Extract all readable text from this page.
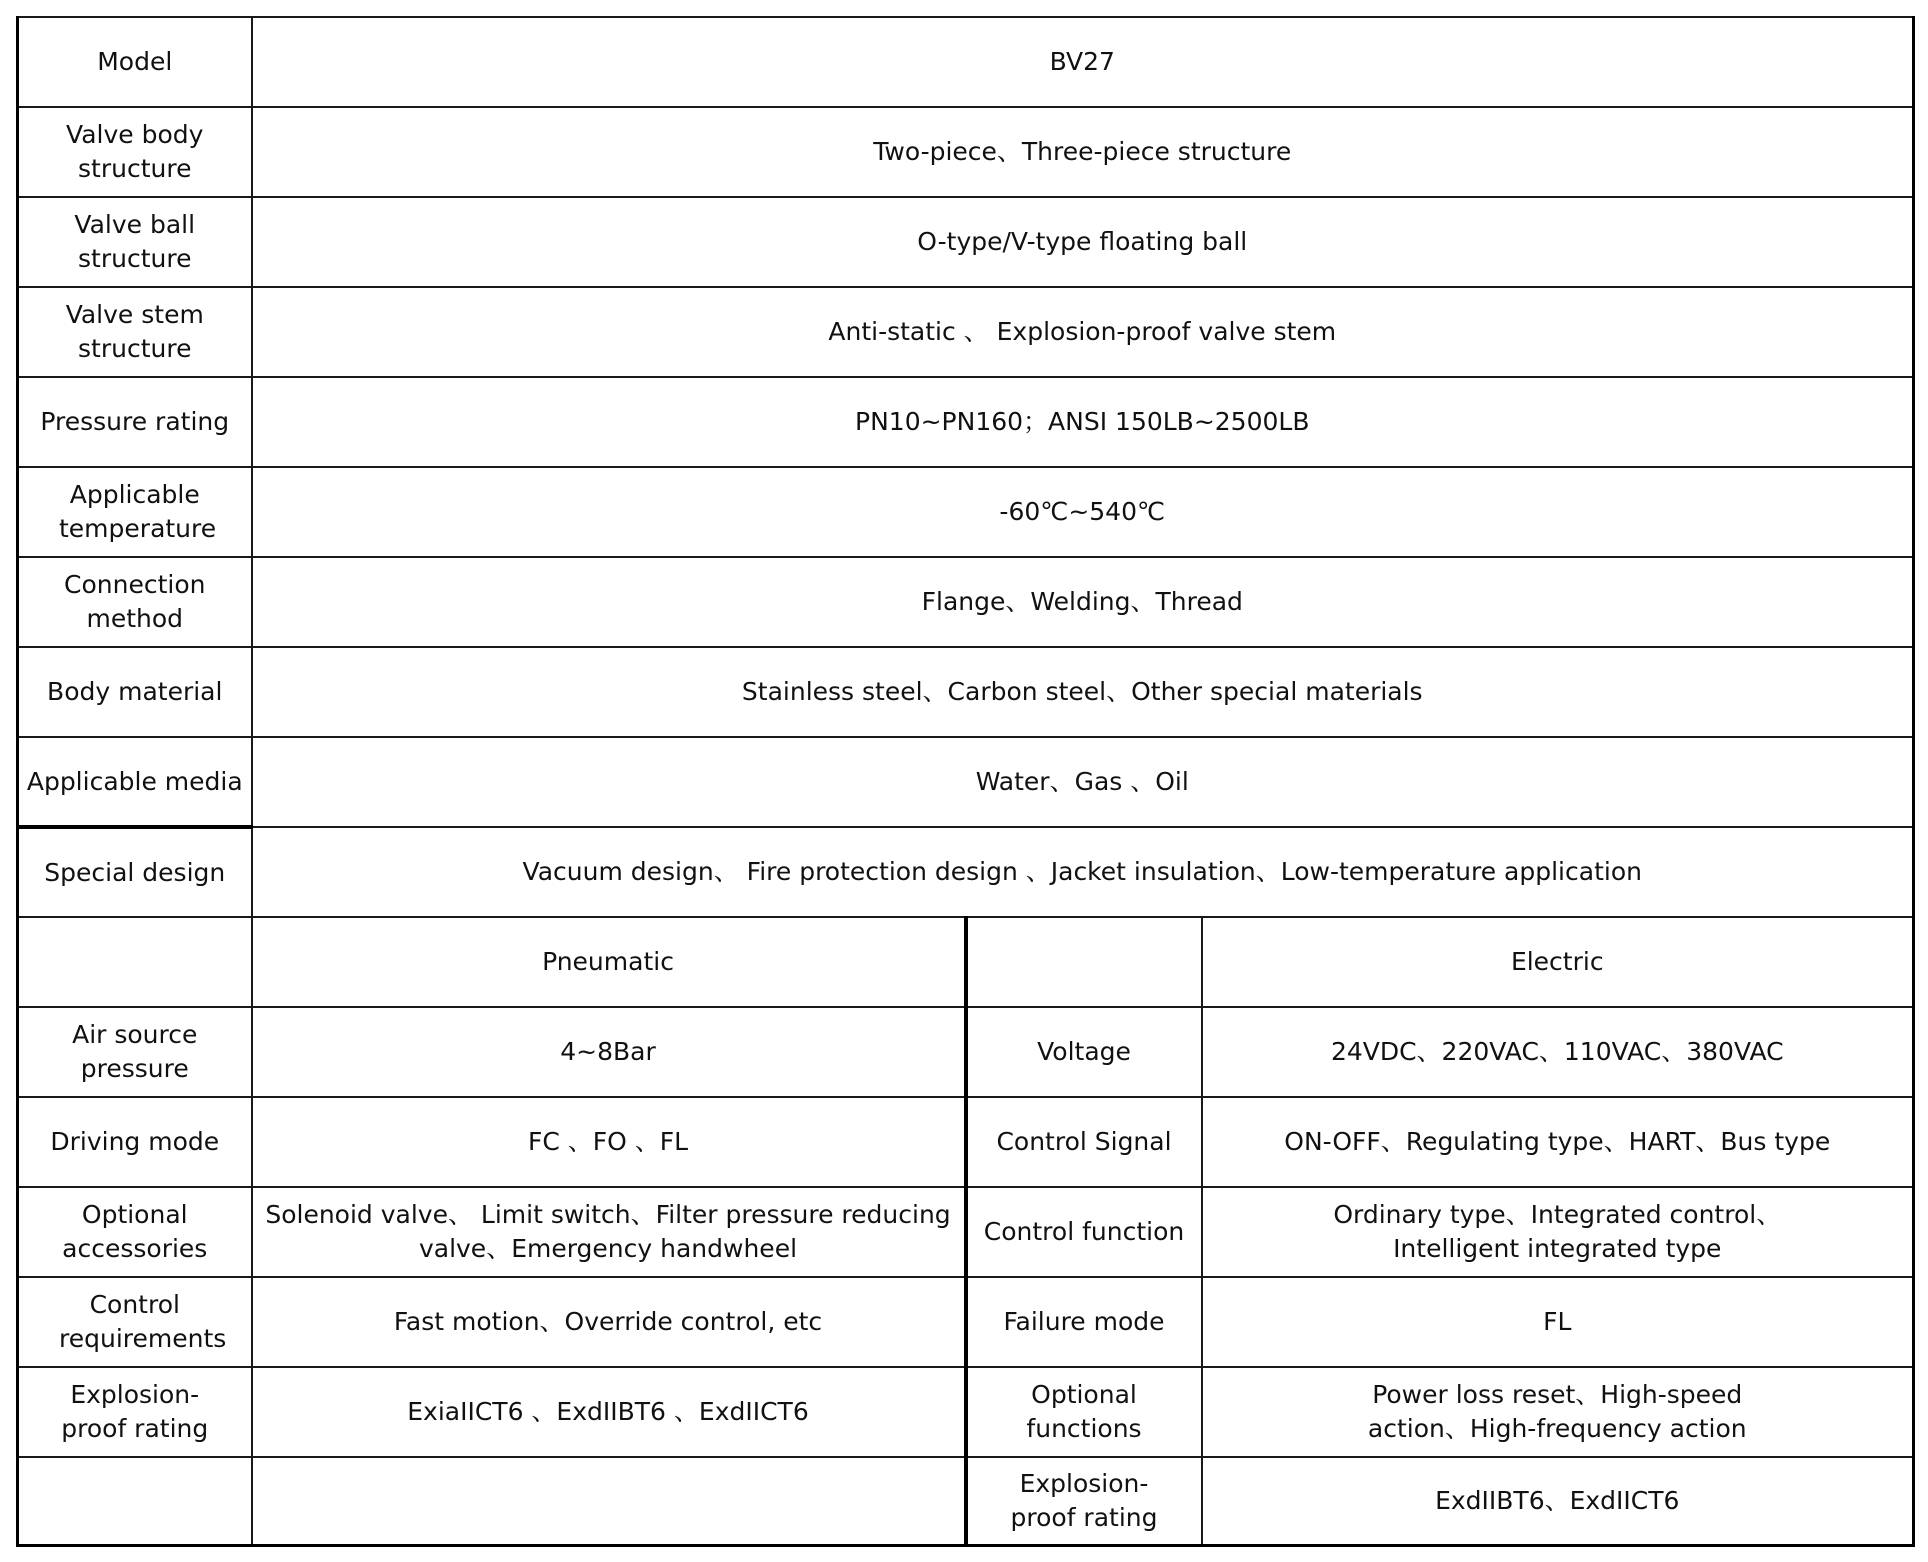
Model	BV27		
Valve body structure	Two-piece、Three-piece structure		
Valve ball structure	O-type/V-type floating ball		
Valve stem structure	Anti-static 、 Explosion-proof valve stem		
Pressure rating	PN10~PN160；ANSI 150LB~2500LB		
Applicable temperature	-60℃~540℃		
Connection method	Flange、Welding、Thread		
Body material	Stainless steel、Carbon steel、Other special materials		
Applicable media	Water、Gas 、Oil		
Special design	Vacuum design、 Fire protection design 、Jacket insulation、Low-temperature application		
	Pneumatic		Electric
Air source pressure	4~8Bar	Voltage	24VDC、220VAC、110VAC、380VAC
Driving mode	FC 、FO 、FL	Control Signal	ON-OFF、Regulating type、HART、Bus type
Optional accessories	Solenoid valve、 Limit switch、Filter pressure reducing valve、Emergency handwheel	Control function	Ordinary type、Integrated control、Intelligent integrated type
Control requirements	Fast motion、Override control, etc	Failure mode	FL
Explosion-proof rating	ExiaIICT6 、ExdIIBT6 、ExdIICT6	Optional functions	Power loss reset、High-speed action、High-frequency action
		Explosion-proof rating	ExdIIBT6、ExdIICT6
